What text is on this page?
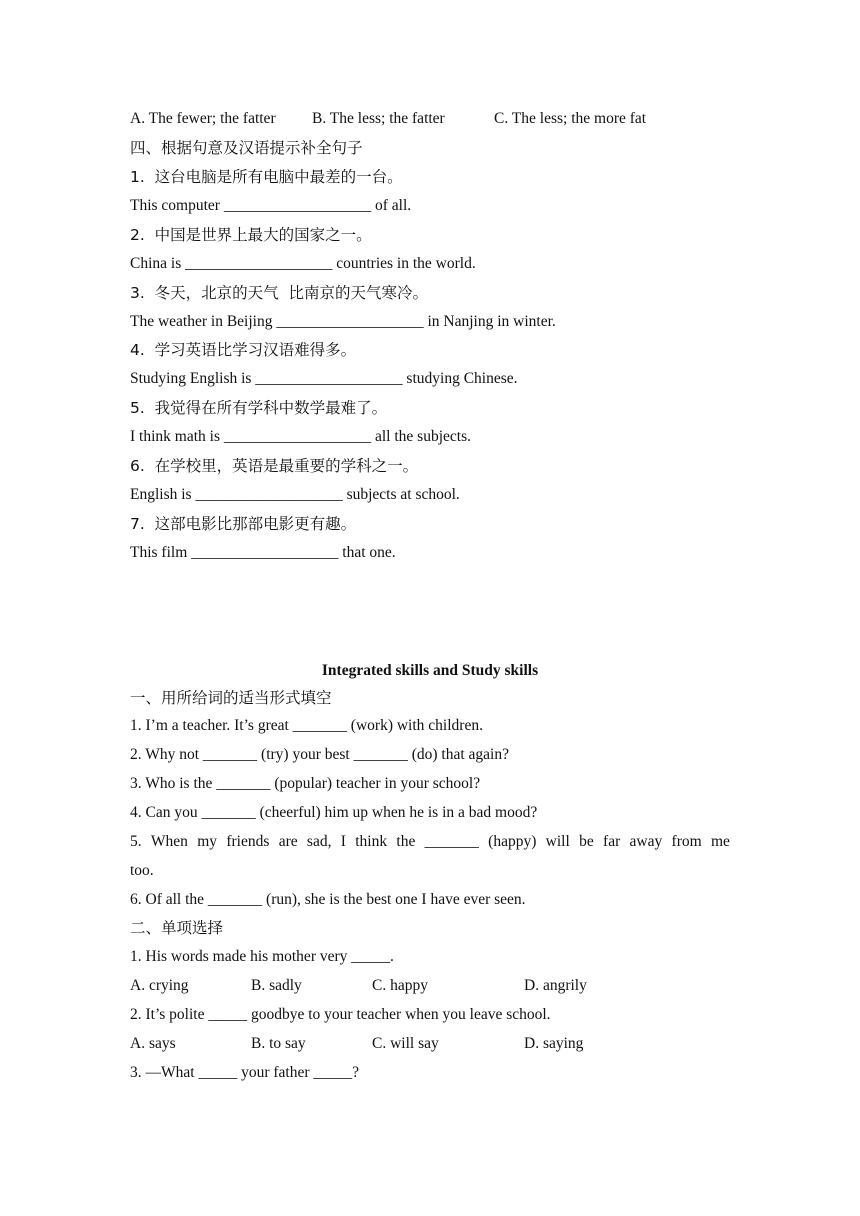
A. The fewer; the fatter B. The less; the fatter	C. The less; the more fat
四、根据句意及汉语提示补全句子
1.  这台电脑是所有电脑中最差的一台。
This computer ___________________ of all.
2.  中国是世界上最大的国家之一。
China is ___________________ countries in the world.
3.  冬天，北京的天气  比南京的天气寒冷。
The weather in Beijing ___________________ in Nanjing in winter.
4.  学习英语比学习汉语难得多。
Studying English is ___________________ studying Chinese.
5.  我觉得在所有学科中数学最难了。
I think math is ___________________ all the subjects.
6.  在学校里，英语是最重要的学科之一。
English is ___________________ subjects at school.
7.  这部电影比那部电影更有趣。
This film ___________________ that one.
Integrated skills and Study skills
一、用所给词的适当形式填空
1. I’m a teacher. It’s great _______ (work) with children.
2. Why not _______ (try) your best _______ (do) that again?
3. Who is the _______ (popular) teacher in your school?
4. Can you _______ (cheerful) him up when he is in a bad mood?
5. When my friends are sad, I think the _______ (happy) will be far away from me
too.
6. Of all the _______ (run), she is the best one I have ever seen.
二、单项选择
1. His words made his mother very _____.
A. crying	B. sadly	C. happy	D. angrily
2. It’s polite _____ goodbye to your teacher when you leave school.
A. says	B. to say	C. will say	D. saying
3. —What _____ your father _____?
